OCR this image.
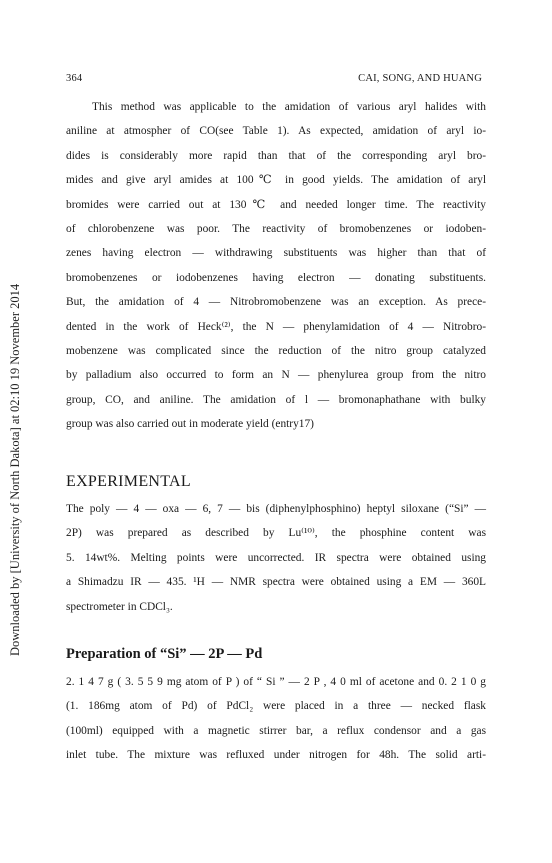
364	CAI, SONG, AND HUANG
Downloaded by [University of North Dakota] at 02:10 19 November 2014
This method was applicable to the amidation of various aryl halides with
aniline at atmospher of CO(see Table 1). As expected, amidation of aryl io-
dides is considerably more rapid than that of the corresponding aryl bro-
mides and give aryl amides at 100℃ in good yields. The amidation of aryl
bromides were carried out at 130℃ and needed longer time. The reactivity
of chlorobenzene was poor. The reactivity of bromobenzenes or iodoben-
zenes having electron — withdrawing substituents was higher than that of
bromobenzenes or iodobenzenes having electron — donating substituents.
But, the amidation of 4 — Nitrobromobenzene was an exception. As prece-
dented in the work of Heck⁽²⁾, the N — phenylamidation of 4 — Nitrobro-
mobenzene was complicated since the reduction of the nitro group catalyzed
by palladium also occurred to form an N — phenylurea group from the nitro
group, CO, and aniline. The amidation of l — bromonaphathane with bulky
group was also carried out in moderate yield (entry17)
EXPERIMENTAL
The poly — 4 — oxa — 6, 7 — bis (diphenylphosphino) heptyl siloxane (“Si” —
2P) was prepared as described by Lu⁽¹⁰⁾, the phosphine content was
5. 14wt%. Melting points were uncorrected. IR spectra were obtained using
a Shimadzu IR — 435. ¹H — NMR spectra were obtained using a EM — 360L
spectrometer in CDCl₃.
Preparation of “Si” — 2P — Pd
2. 1 4 7 g ( 3. 5 5 9 mg atom of P ) of “ Si ” — 2 P , 4 0 ml of acetone and 0. 2 1 0 g
(1. 186mg atom of Pd) of PdCl₂ were placed in a three — necked flask
(100ml) equipped with a magnetic stirrer bar, a reflux condensor and a gas
inlet tube. The mixture was refluxed under nitrogen for 48h. The solid arti-
